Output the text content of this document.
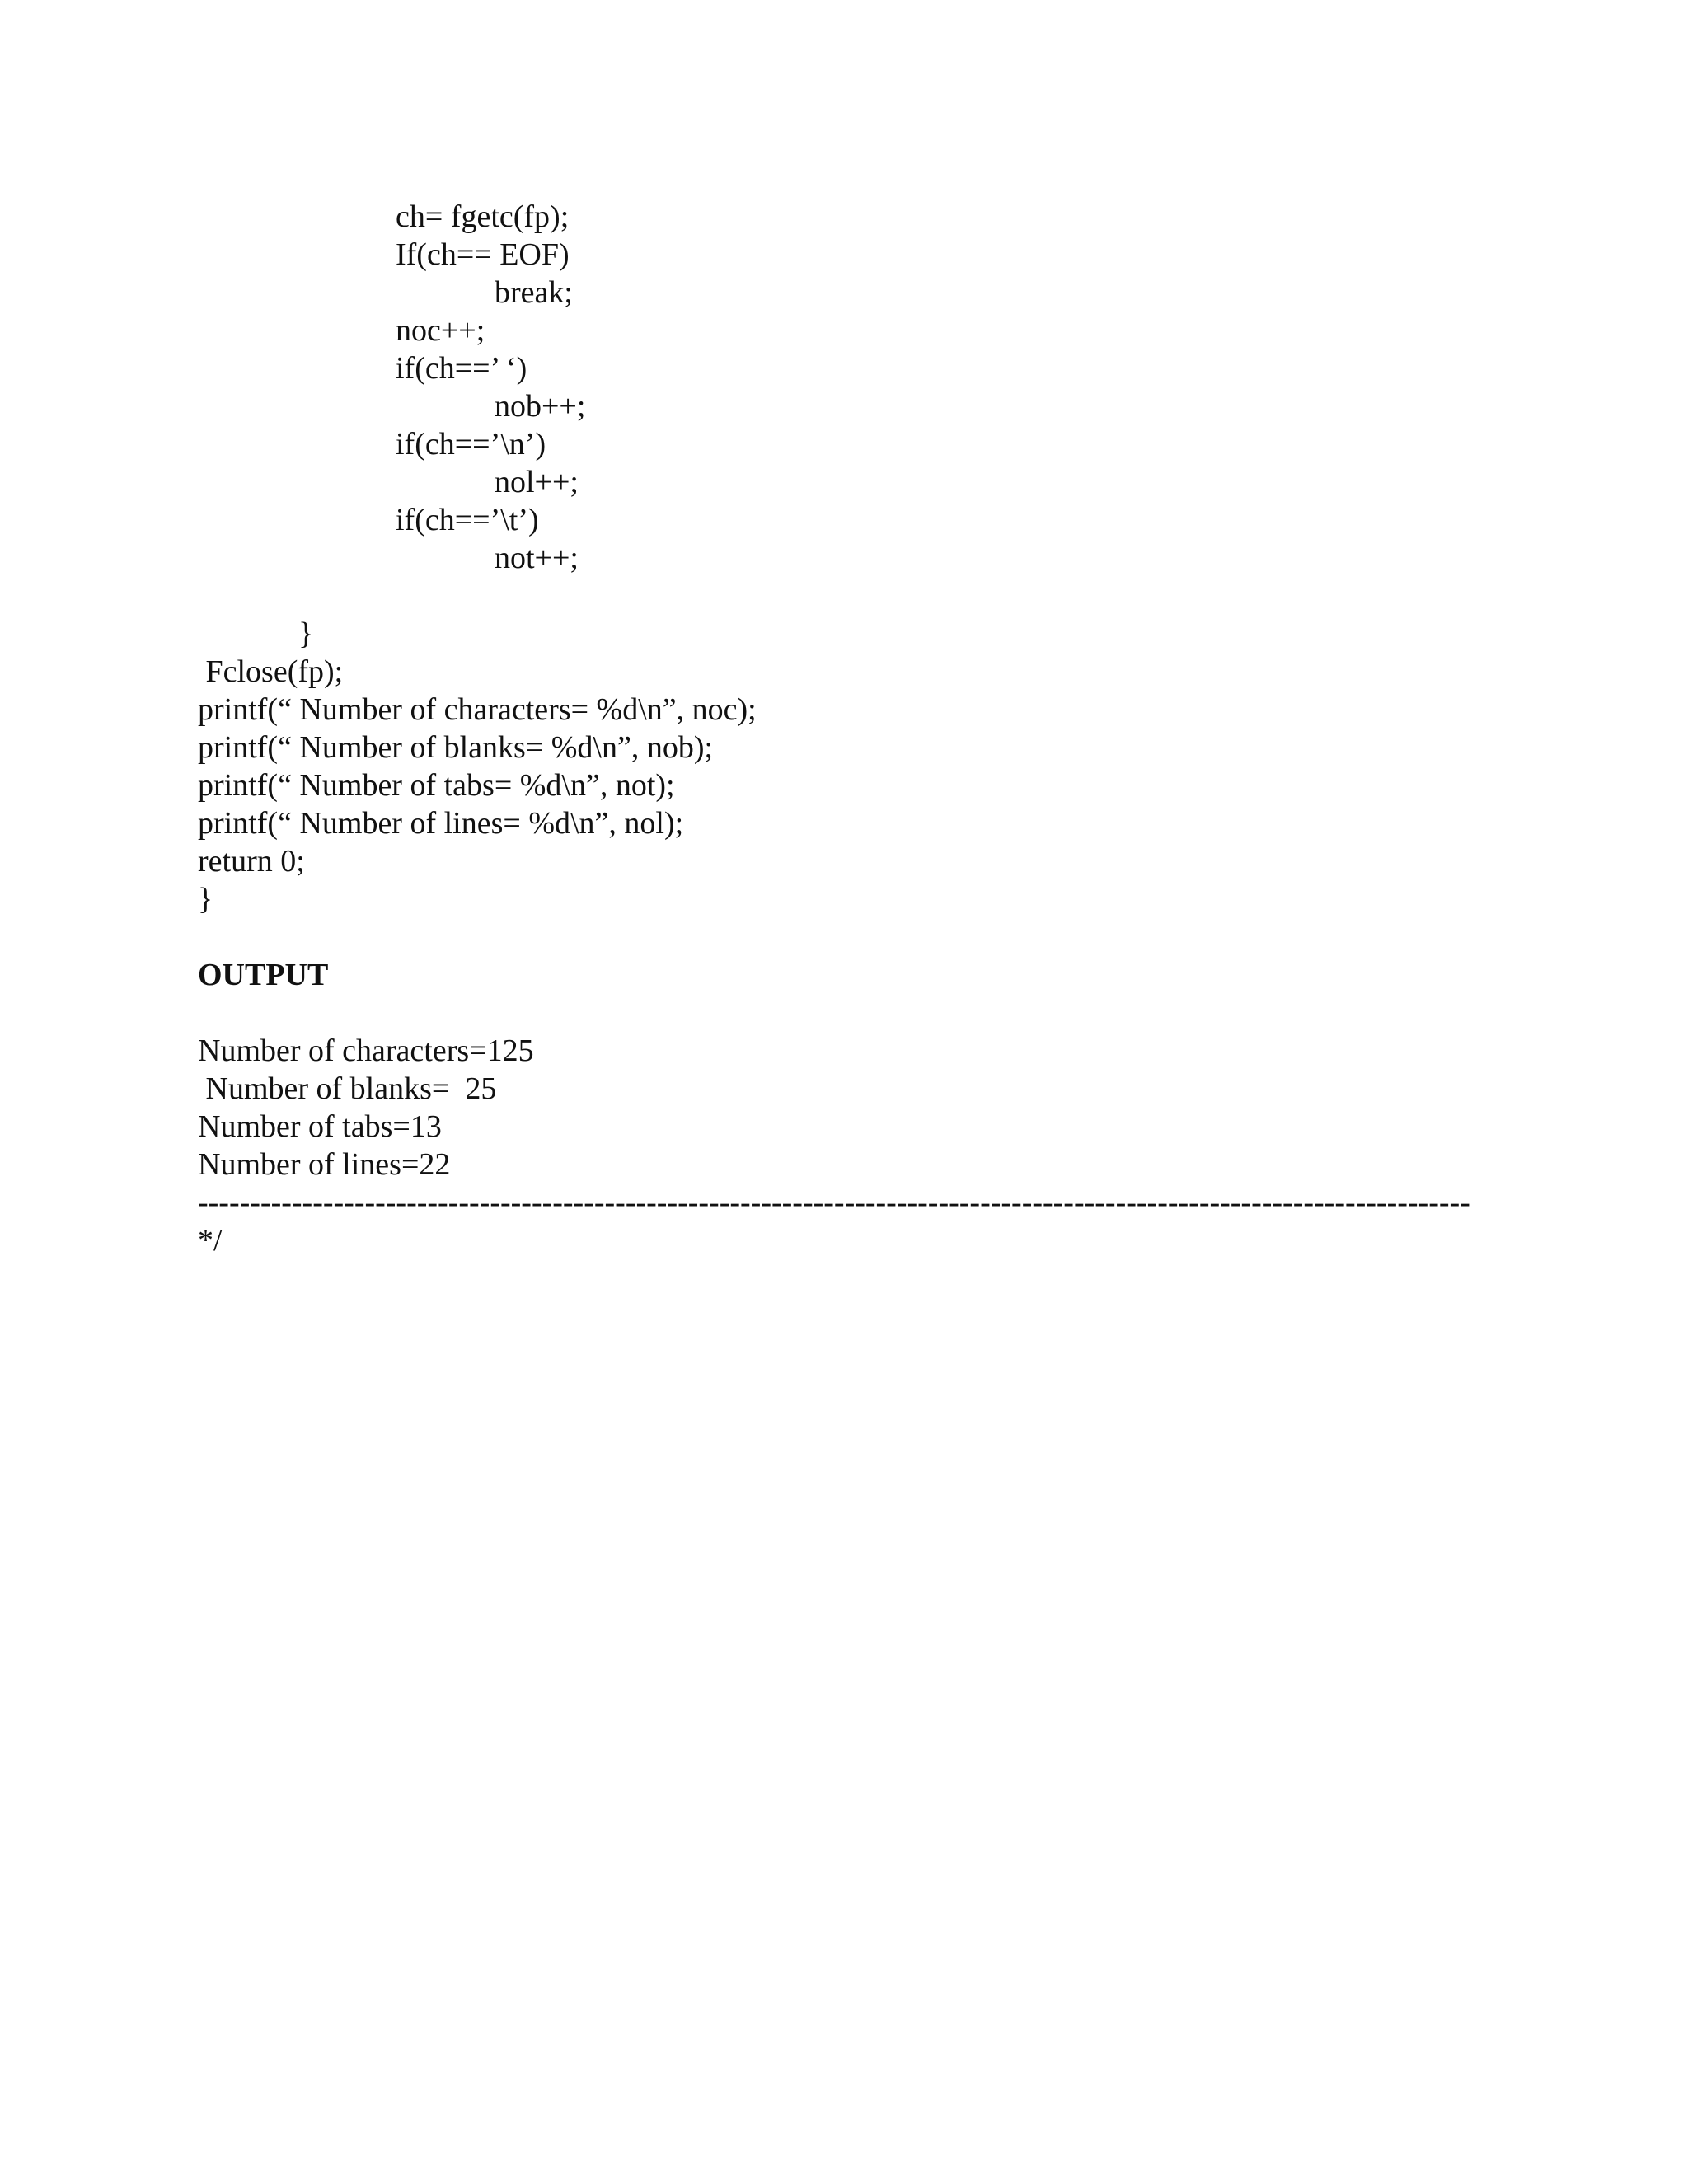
ch= fgetc(fp);
If(ch== EOF)
break;
noc++;
if(ch==’ ‘)
nob++;
if(ch==’\n’)
nol++;
if(ch==’\t’)
not++;
}
Fclose(fp);
printf(“ Number of characters= %d\n”, noc);
printf(“ Number of blanks= %d\n”, nob);
printf(“ Number of tabs= %d\n”, not);
printf(“ Number of lines= %d\n”, nol);
return 0;
}
OUTPUT
Number of characters=125
Number of blanks=  25
Number of tabs=13
Number of lines=22
--------------------------------------------------------------------------------------------------------------------------
*/
